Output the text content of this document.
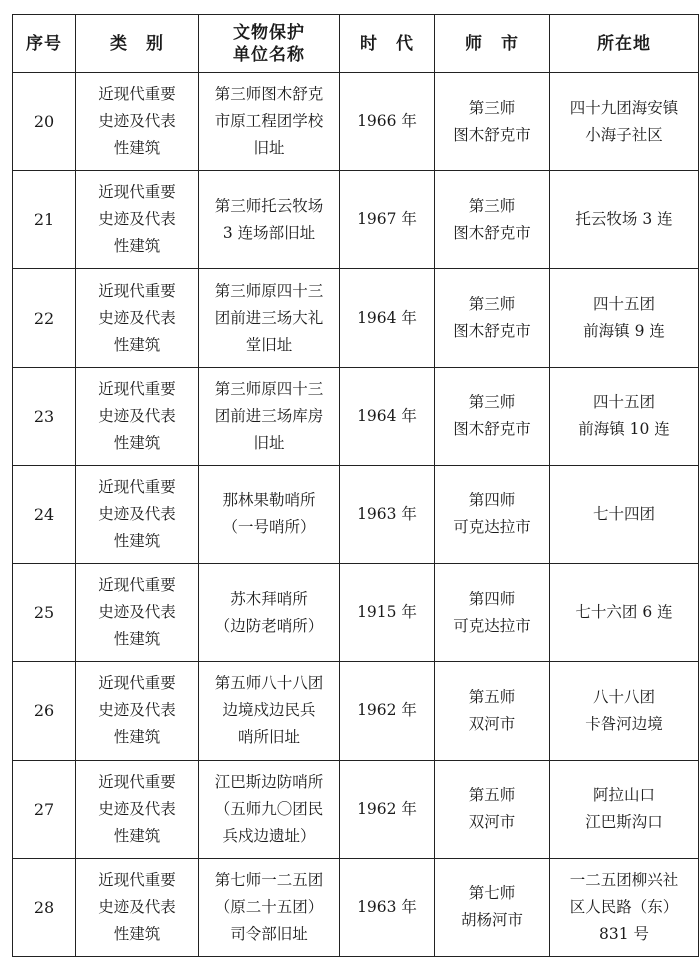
序号	类　别	文物保护
单位名称	时　代	师　市	所在地
20	近现代重要
史迹及代表
性建筑	第三师图木舒克
市原工程团学校
旧址	1966 年	第三师
图木舒克市	四十九团海安镇
小海子社区

21	近现代重要
史迹及代表
性建筑	第三师托云牧场
3 连场部旧址	1967 年	第三师
图木舒克市	托云牧场 3 连

22	近现代重要
史迹及代表
性建筑	第三师原四十三
团前进三场大礼
堂旧址	1964 年	第三师
图木舒克市	四十五团
前海镇 9 连

23	近现代重要
史迹及代表
性建筑	第三师原四十三
团前进三场库房
旧址	1964 年	第三师
图木舒克市	四十五团
前海镇 10 连

24	近现代重要
史迹及代表
性建筑	那林果勒哨所
（一号哨所）	1963 年	第四师
可克达拉市	七十四团

25	近现代重要
史迹及代表
性建筑	苏木拜哨所
（边防老哨所）	1915 年	第四师
可克达拉市	七十六团 6 连

26	近现代重要
史迹及代表
性建筑	第五师八十八团
边境戍边民兵
哨所旧址	1962 年	第五师
双河市	八十八团
卡昝河边境

27	近现代重要
史迹及代表
性建筑	江巴斯边防哨所
（五师九〇团民
兵戍边遗址）	1962 年	第五师
双河市	阿拉山口
江巴斯沟口

28	近现代重要
史迹及代表
性建筑	第七师一二五团
（原二十五团）
司令部旧址	1963 年	第七师
胡杨河市	一二五团柳兴社
区人民路（东）
831 号
